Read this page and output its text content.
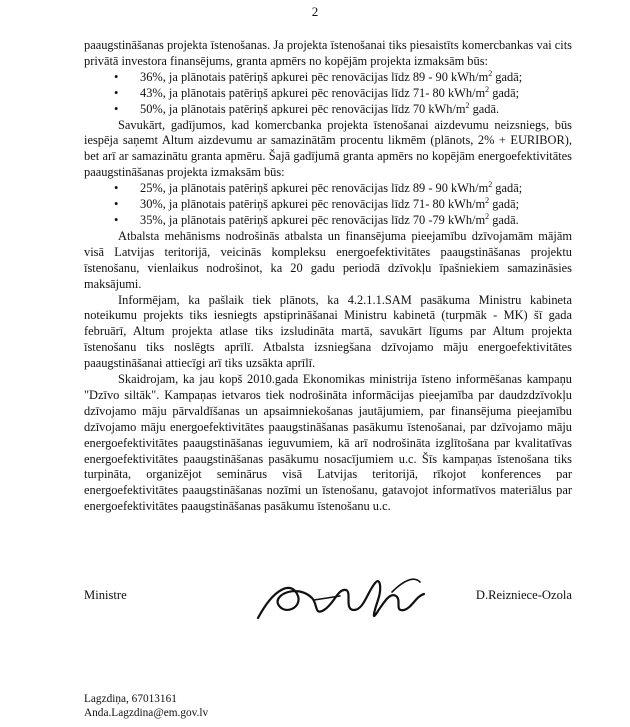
2

paaugstināšanas projekta īstenošanas. Ja projekta īstenošanai tiks piesaistīts komercbankas vai cits privātā investora finansējums, granta apmērs no kopējām projekta izmaksām būs:

• 36%, ja plānotais patēriņš apkurei pēc renovācijas līdz 89 - 90 kWh/$m^2$ gadā;
• 43%, ja plānotais patēriņš apkurei pēc renovācijas līdz 71- 80 kWh/$m^2$ gadā;
• 50%, ja plānotais patēriņš apkurei pēc renovācijas līdz 70 kWh/$m^2$ gadā.

Savukārt, gadījumos, kad komercbanka projekta īstenošanai aizdevumu neizsniegs, būs iespēja saņemt Altum aizdevumu ar samazinātām procentu likmēm (plānots, 2% + EURIBOR), bet arī ar samazinātu granta apmēru. Šajā gadījumā granta apmērs no kopējām energoefektivitātes paaugstināšanas projekta izmaksām būs:

• 25%, ja plānotais patēriņš apkurei pēc renovācijas līdz 89 - 90 kWh/$m^2$ gadā;
• 30%, ja plānotais patēriņš apkurei pēc renovācijas līdz 71- 80 kWh/$m^2$ gadā;
• 35%, ja plānotais patēriņš apkurei pēc renovācijas līdz 70 -79 kWh/$m^2$ gadā.

Atbalsta mehānisms nodrošinās atbalsta un finansējuma pieejamību dzīvojamām mājām visā Latvijas teritorijā, veicinās kompleksu energoefektivitātes paaugstināšanas projektu īstenošanu, vienlaikus nodrošinot, ka 20 gadu periodā dzīvokļu īpašniekiem samazināsies maksājumi.

Informējam, ka pašlaik tiek plānots, ka 4.2.1.1.SAM pasākuma Ministru kabineta noteikumu projekts tiks iesniegts apstiprināšanai Ministru kabinetā (turpmāk - MK) šī gada februārī, Altum projekta atlase tiks izsludināta martā, savukārt līgums par Altum projekta īstenošanu tiks noslēgts aprīlī. Atbalsta izsniegšana dzīvojamo māju energoefektivitātes paaugstināšanai attiecīgi arī tiks uzsākta aprīlī.

Skaidrojam, ka jau kopš 2010.gada Ekonomikas ministrija īsteno informēšanas kampaņu "Dzīvo siltāk". Kampaņas ietvaros tiek nodrošināta informācijas pieejamība par daudzdzīvokļu dzīvojamo māju pārvaldīšanas un apsaimniekošanas jautājumiem, par finansējuma pieejamību dzīvojamo māju energoefektivitātes paaugstināšanas pasākumu īstenošanai, par dzīvojamo māju energoefektivitātes paaugstināšanas ieguvumiem, kā arī nodrošināta izglītošana par kvalitatīvas energoefektivitātes paaugstināšanas pasākumu nosacījumiem u.c. Šīs kampaņas īstenošana tiks turpināta, organizējot seminārus visā Latvijas teritorijā, rīkojot konferences par energoefektivitātes paaugstināšanas nozīmi un īstenošanu, gatavojot informatīvos materiālus par energoefektivitātes paaugstināšanas pasākumu īstenošanu u.c.

Ministre	D.Reizniece-Ozola
Lagzdiņa, 67013161
Anda.Lagzdina@em.gov.lv
